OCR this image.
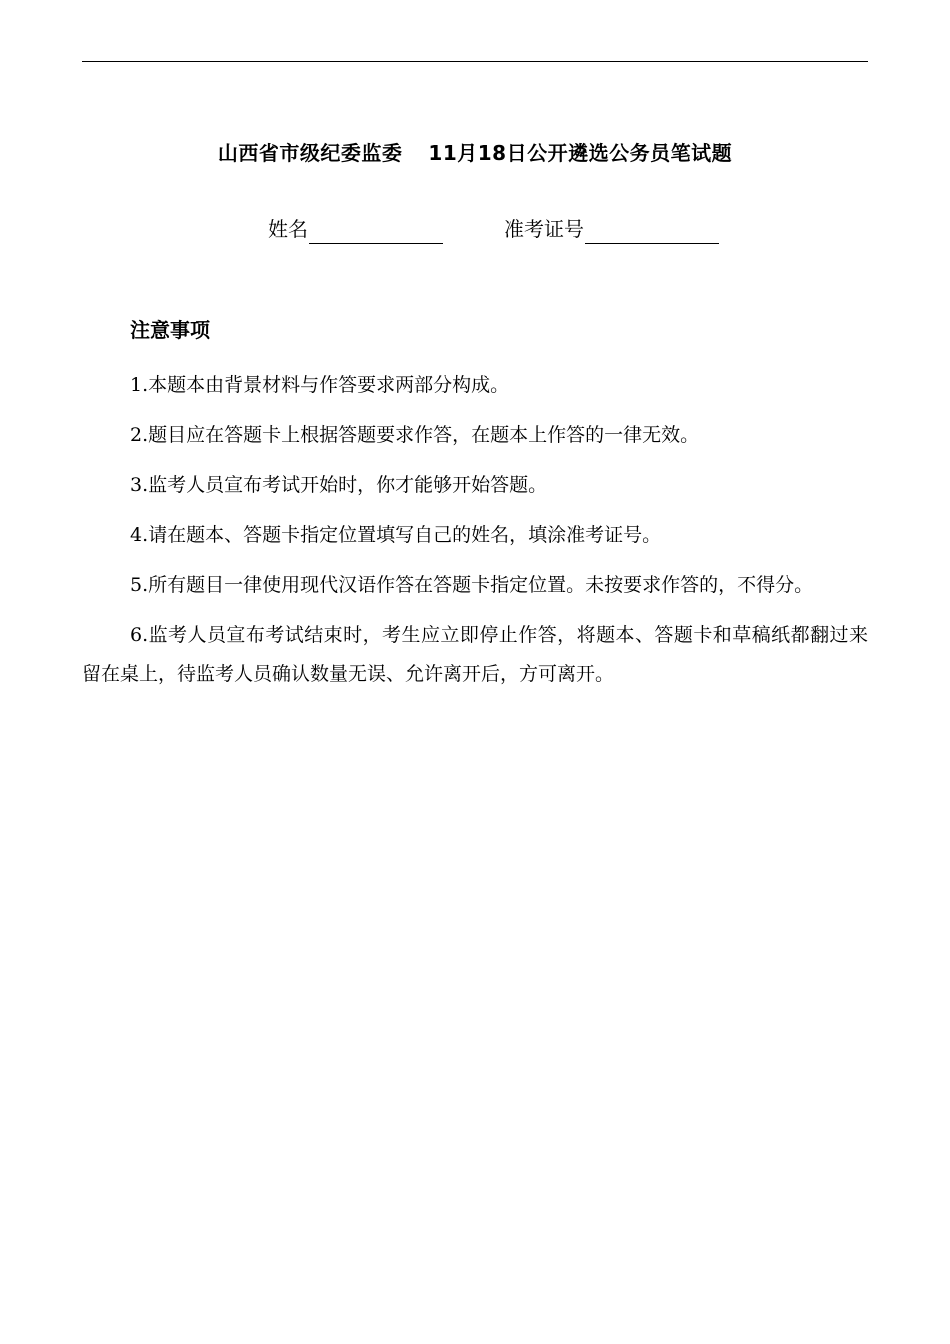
山西省市级纪委监委 11月18日公开遴选公务员笔试题
姓名	准考证号
注意事项
1.本题本由背景材料与作答要求两部分构成。
2.题目应在答题卡上根据答题要求作答，在题本上作答的一律无效。
3.监考人员宣布考试开始时，你才能够开始答题。
4.请在题本、答题卡指定位置填写自己的姓名，填涂准考证号。
5.所有题目一律使用现代汉语作答在答题卡指定位置。未按要求作答的，不得分。
6.监考人员宣布考试结束时，考生应立即停止作答，将题本、答题卡和草稿纸都翻过来留在桌上，待监考人员确认数量无误、允许离开后，方可离开。
